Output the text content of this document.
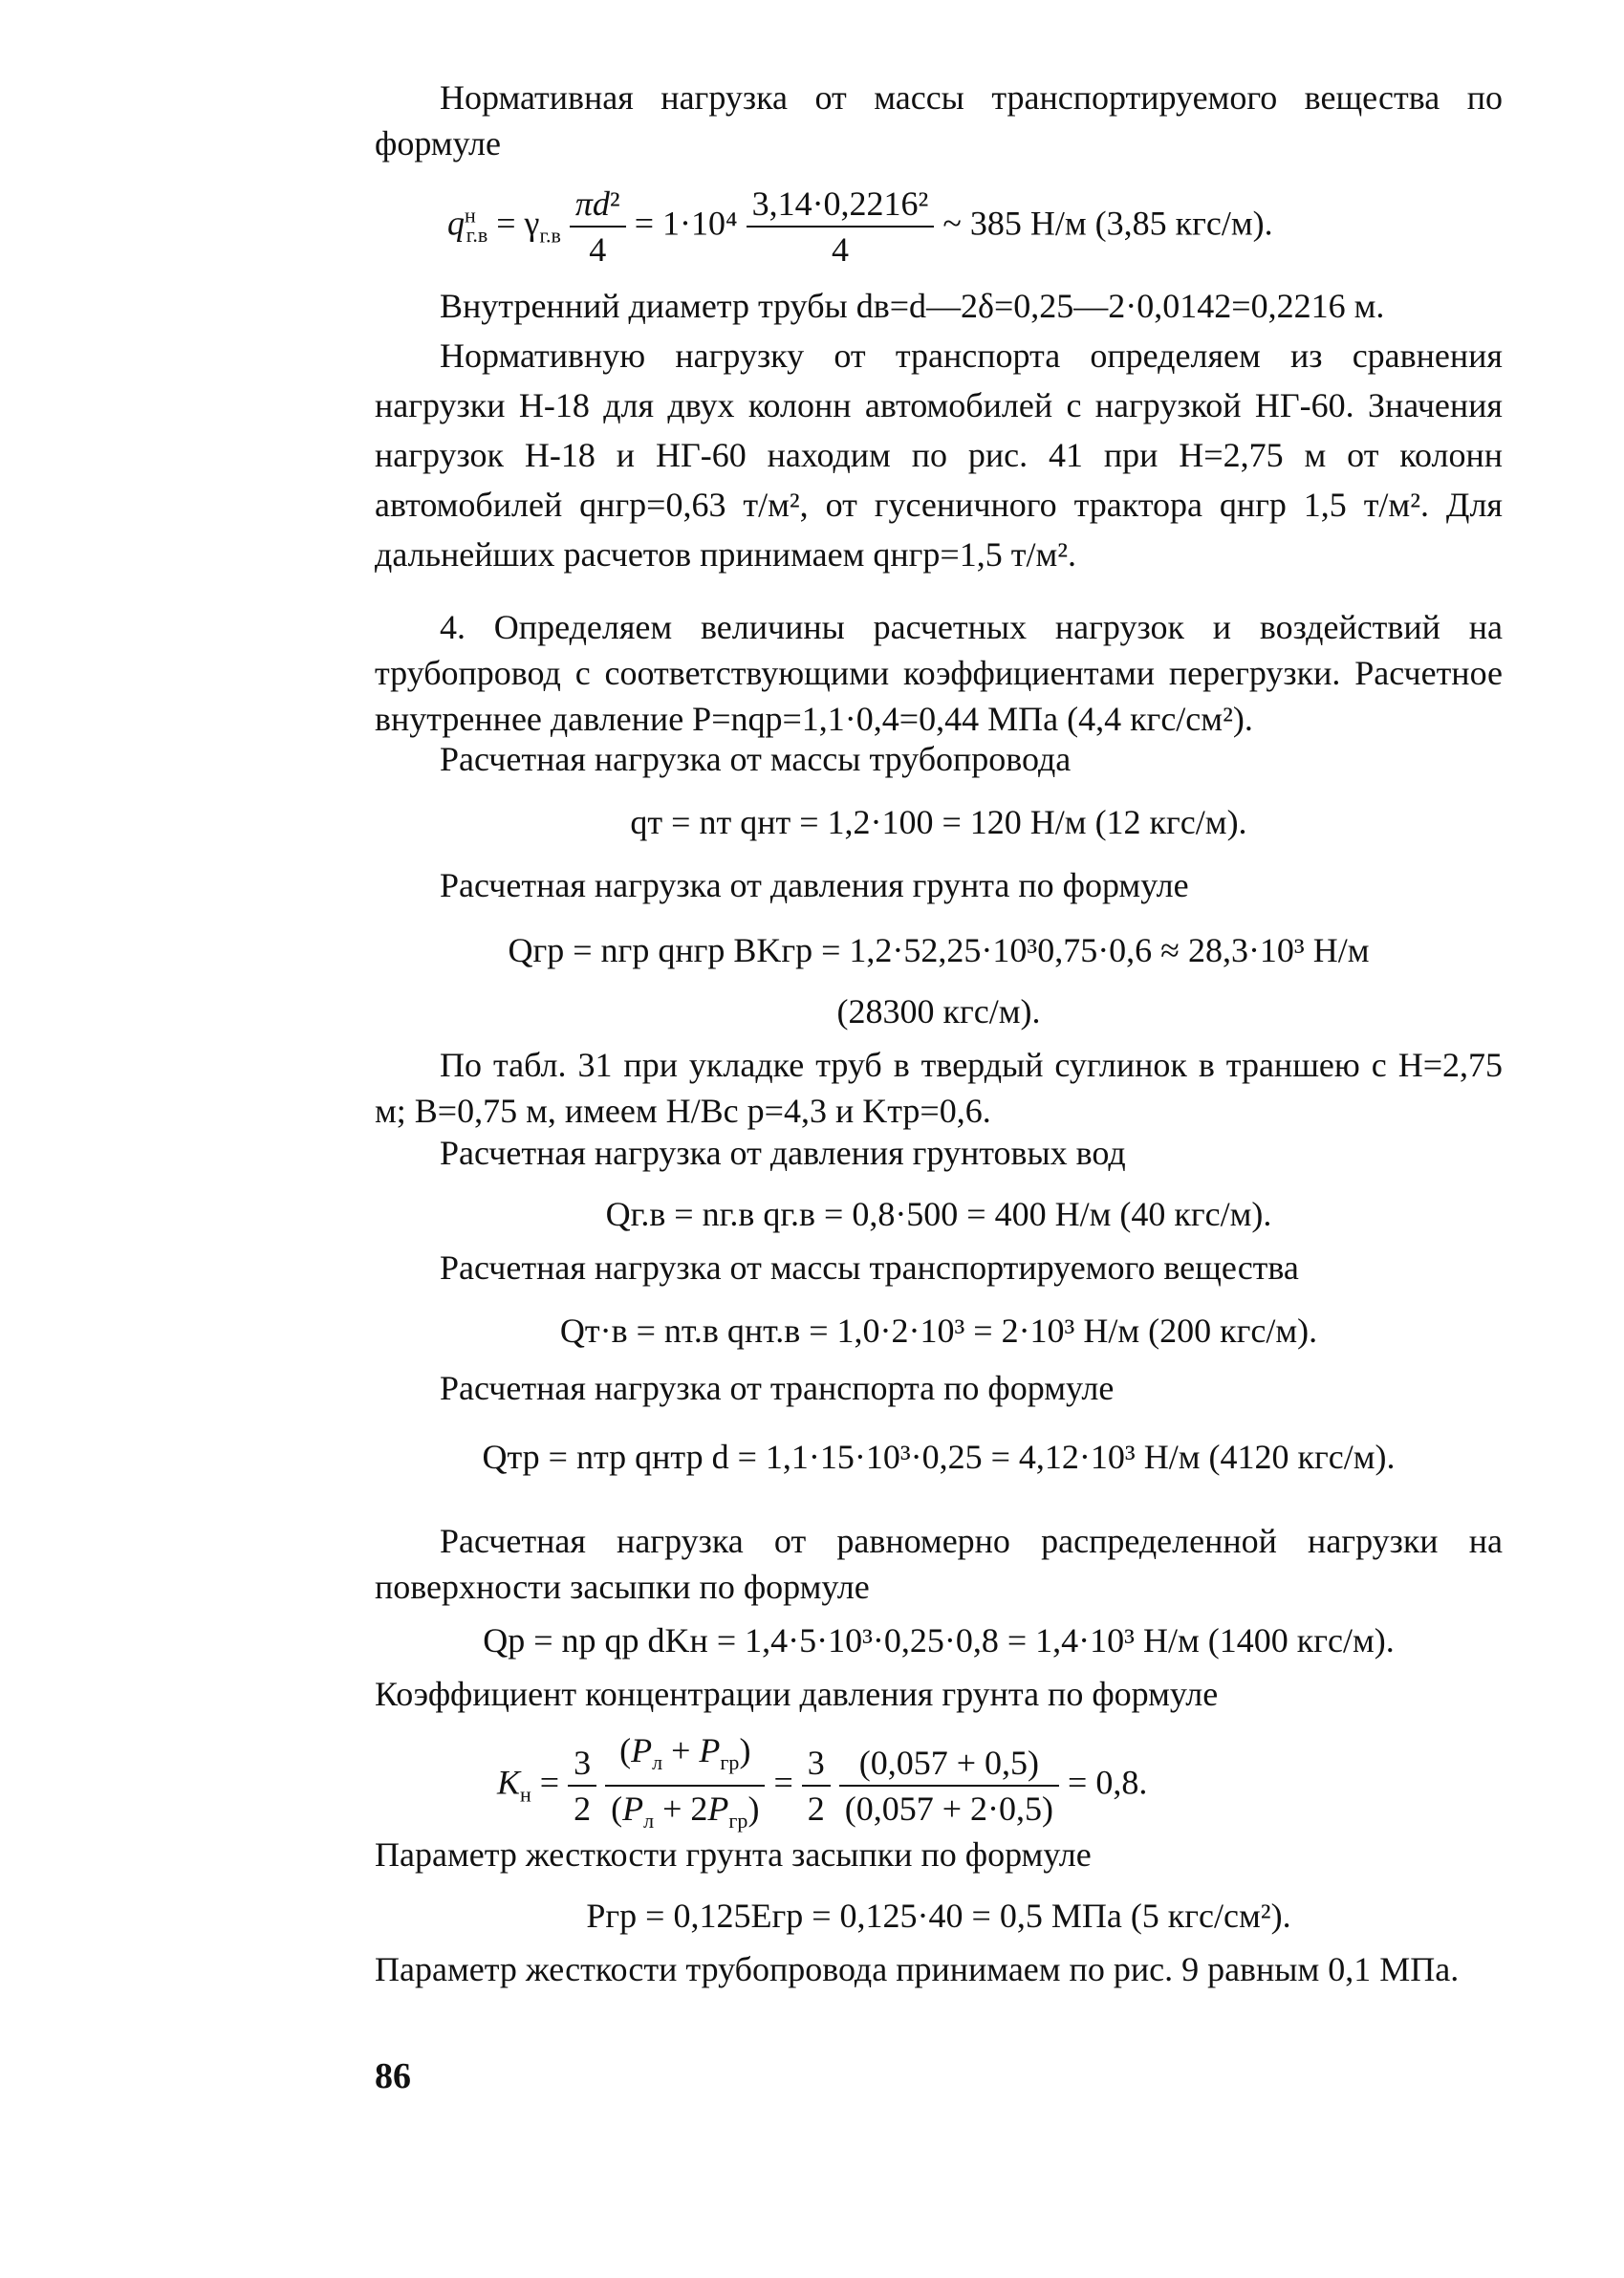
Нормативная нагрузка от массы транспортируемого вещества по формуле

$q^н_{г.в} = \gamma_{г.в} \frac{\text{πd²}}{4} = 1\cdot 10^4 \frac{\text{3,14·0,2216²}}{4}$ ~ 385 Н/м (3,85 кгс/м).

Внутренний диаметр трубы dв=d—2δ=0,25—2·0,0142=0,2216 м.

Нормативную нагрузку от транспорта определяем из сравнения нагрузки Н-18 для двух колонн автомобилей с нагрузкой НГ-60. Значения нагрузок Н-18 и НГ-60 находим по рис. 41 при H=2,75 м от колонн автомобилей qнгр=0,63 т/м², от гусеничного трактора qнгр 1,5 т/м². Для дальнейших расчетов принимаем qнгр=1,5 т/м².

4. Определяем величины расчетных нагрузок и воздействий на трубопровод с соответствующими коэффициентами перегрузки. Расчетное внутреннее давление P=nqp=1,1·0,4=0,44 МПа (4,4 кгс/см²).

Расчетная нагрузка от массы трубопровода

qт = nт qнт = 1,2·100 = 120 Н/м (12 кгс/м).

Расчетная нагрузка от давления грунта по формуле

Qгр = nгр qнгр BKгр = 1,2·52,25·10³0,75·0,6 ≈ 28,3·10³ Н/м

(28300 кгс/м).

По табл. 31 при укладке труб в твердый суглинок в траншею с H=2,75 м; B=0,75 м, имеем H/Bс р=4,3 и Kтр=0,6.

Расчетная нагрузка от давления грунтовых вод

Qг.в = nг.в qг.в = 0,8·500 = 400 Н/м (40 кгс/м).

Расчетная нагрузка от массы транспортируемого вещества

Qт·в = nт.в qнт.в = 1,0·2·10³ = 2·10³ Н/м (200 кгс/м).

Расчетная нагрузка от транспорта по формуле

Qтр = nтр qнтр d = 1,1·15·10³·0,25 = 4,12·10³ Н/м (4120 кгс/м).

Расчетная нагрузка от равномерно распределенной нагрузки на поверхности засыпки по формуле

Qр = nр qр dKн = 1,4·5·10³·0,25·0,8 = 1,4·10³ Н/м (1400 кгс/м).

Коэффициент концентрации давления грунта по формуле

$K_н = \frac{3}{2}$
$\frac{(P_л + P_{гр})}{(P_л + 2P_{гр})} = \frac{3}{2}$
$\frac{(0,057 + 0,5)}{(0,057 + 2\cdot 0,5)} = 0,8$.

Параметр жесткости грунта засыпки по формуле

Pгр = 0,125Eгр = 0,125·40 = 0,5 МПа (5 кгс/см²).

Параметр жесткости трубопровода принимаем по рис. 9 равным 0,1 МПа.

86
